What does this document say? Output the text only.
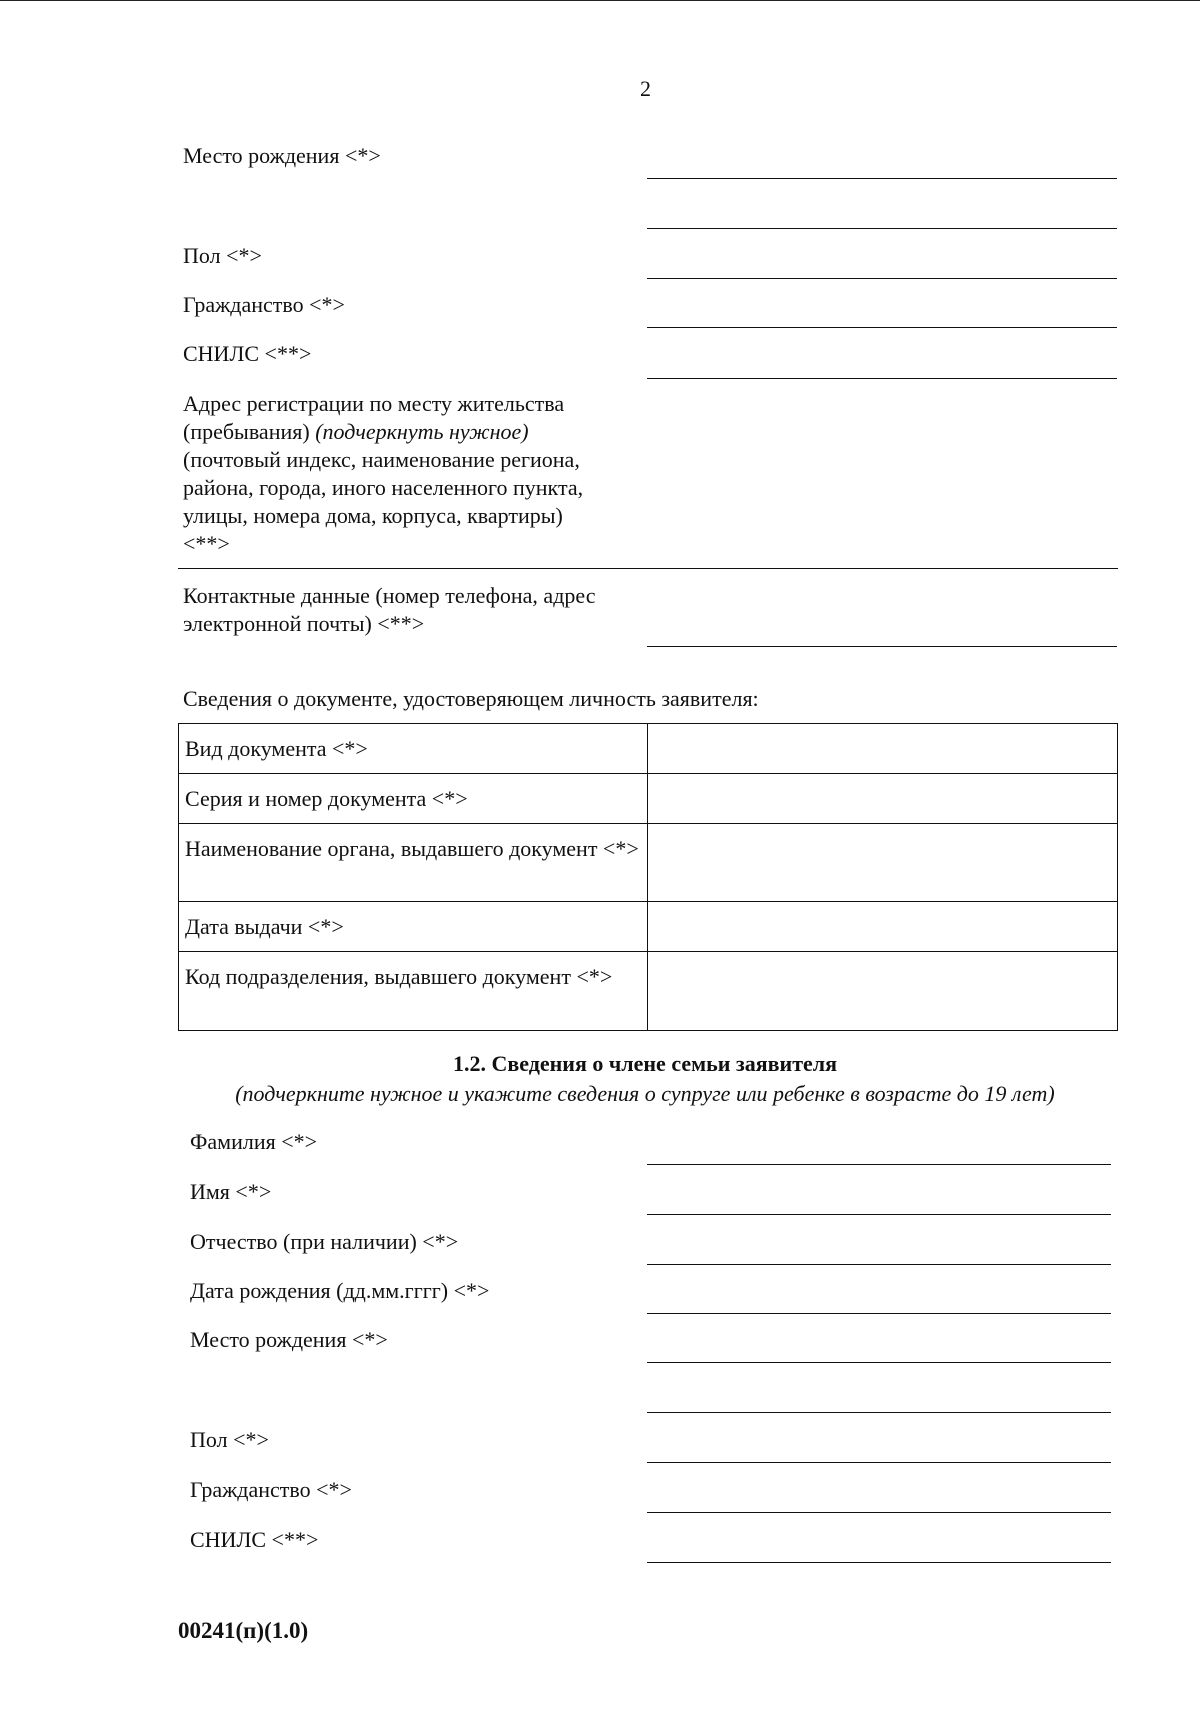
2
Место рождения <*>
Пол <*>
Гражданство <*>
СНИЛС <**>
Адрес регистрации по месту жительства
(пребывания) (подчеркнуть нужное)
(почтовый индекс, наименование региона,
района, города, иного населенного пункта,
улицы, номера дома, корпуса, квартиры)
<**>
Контактные данные (номер телефона, адрес
электронной почты) <**>
Сведения о документе, удостоверяющем личность заявителя:
Вид документа <*>	
Серия и номер документа <*>	
Наименование органа, выдавшего документ <*>	
Дата выдачи <*>	
Код подразделения, выдавшего документ <*>	
1.2. Сведения о члене семьи заявителя
(подчеркните нужное и укажите сведения о супруге или ребенке в возрасте до 19 лет)
Фамилия <*>
Имя <*>
Отчество (при наличии) <*>
Дата рождения (дд.мм.гггг) <*>
Место рождения <*>
Пол <*>
Гражданство <*>
СНИЛС <**>
00241(п)(1.0)
